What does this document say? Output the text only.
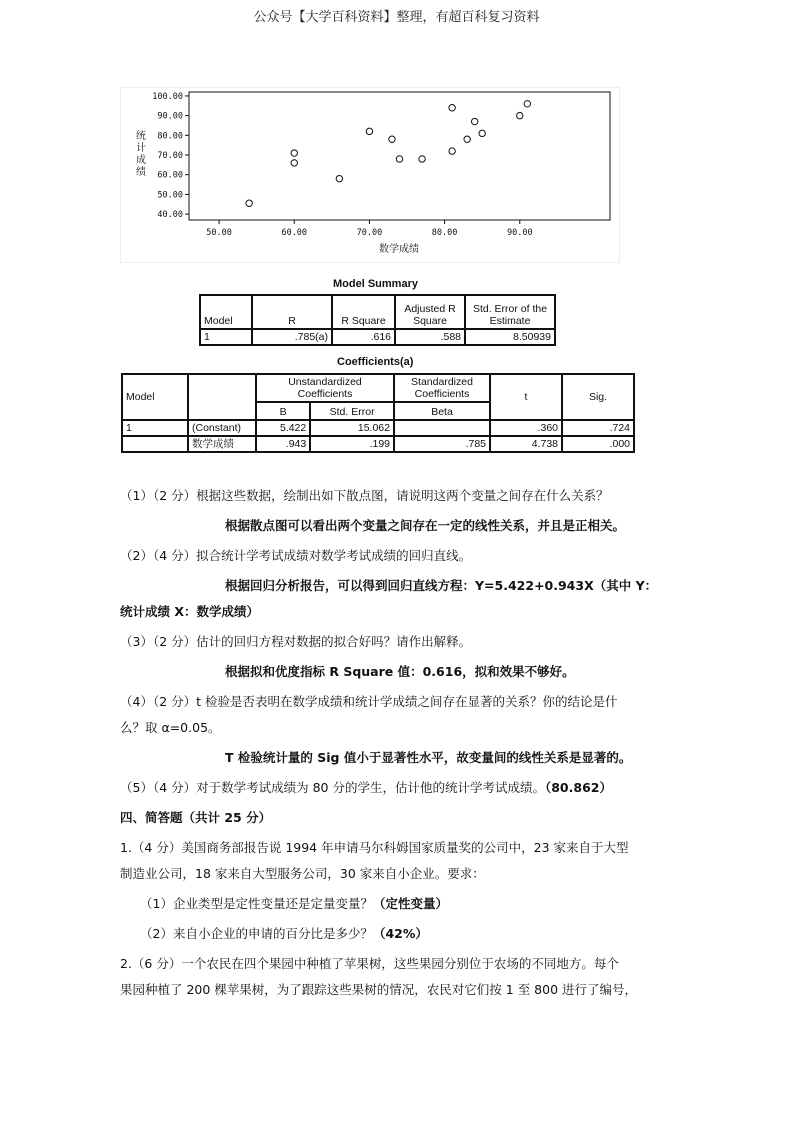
公众号【大学百科资料】整理，有超百科复习资料
100.00
90.00
80.00
70.00
60.00
50.00
40.00
50.00	60.00	70.00	80.00	90.00
统计成绩
数学成绩
Model Summary
Model	R	R Square	Adjusted R Square	Std. Error of the Estimate
1	.785(a)	.616	.588	8.50939
Coefficients(a)
Model		Unstandardized Coefficients		Standardized Coefficients	t	Sig.
		B	Std. Error	Beta		
1	(Constant)	5.422	15.062		.360	.724
	数学成绩	.943	.199	.785	4.738	.000
（1）（2 分）根据这些数据，绘制出如下散点图，请说明这两个变量之间存在什么关系？
根据散点图可以看出两个变量之间存在一定的线性关系，并且是正相关。
（2）（4 分）拟合统计学考试成绩对数学考试成绩的回归直线。
根据回归分析报告，可以得到回归直线方程：Y=5.422+0.943X（其中 Y：
统计成绩 X：数学成绩）
（3）（2 分）估计的回归方程对数据的拟合好吗？请作出解释。
根据拟和优度指标 R Square 值：0.616，拟和效果不够好。
（4）（2 分）t 检验是否表明在数学成绩和统计学成绩之间存在显著的关系？你的结论是什
么？取 α=0.05。
T 检验统计量的 Sig 值小于显著性水平，故变量间的线性关系是显著的。
（5）（4 分）对于数学考试成绩为 80 分的学生，估计他的统计学考试成绩。（80.862）
四、简答题（共计 25 分）
1.（4 分）美国商务部报告说 1994 年申请马尔科姆国家质量奖的公司中，23 家来自于大型
制造业公司，18 家来自大型服务公司，30 家来自小企业。要求：
（1）企业类型是定性变量还是定量变量？（定性变量）
（2）来自小企业的申请的百分比是多少？（42%）
2.（6 分）一个农民在四个果园中种植了苹果树，这些果园分别位于农场的不同地方。每个
果园种植了 200 棵苹果树，为了跟踪这些果树的情况，农民对它们按 1 至 800 进行了编号，
